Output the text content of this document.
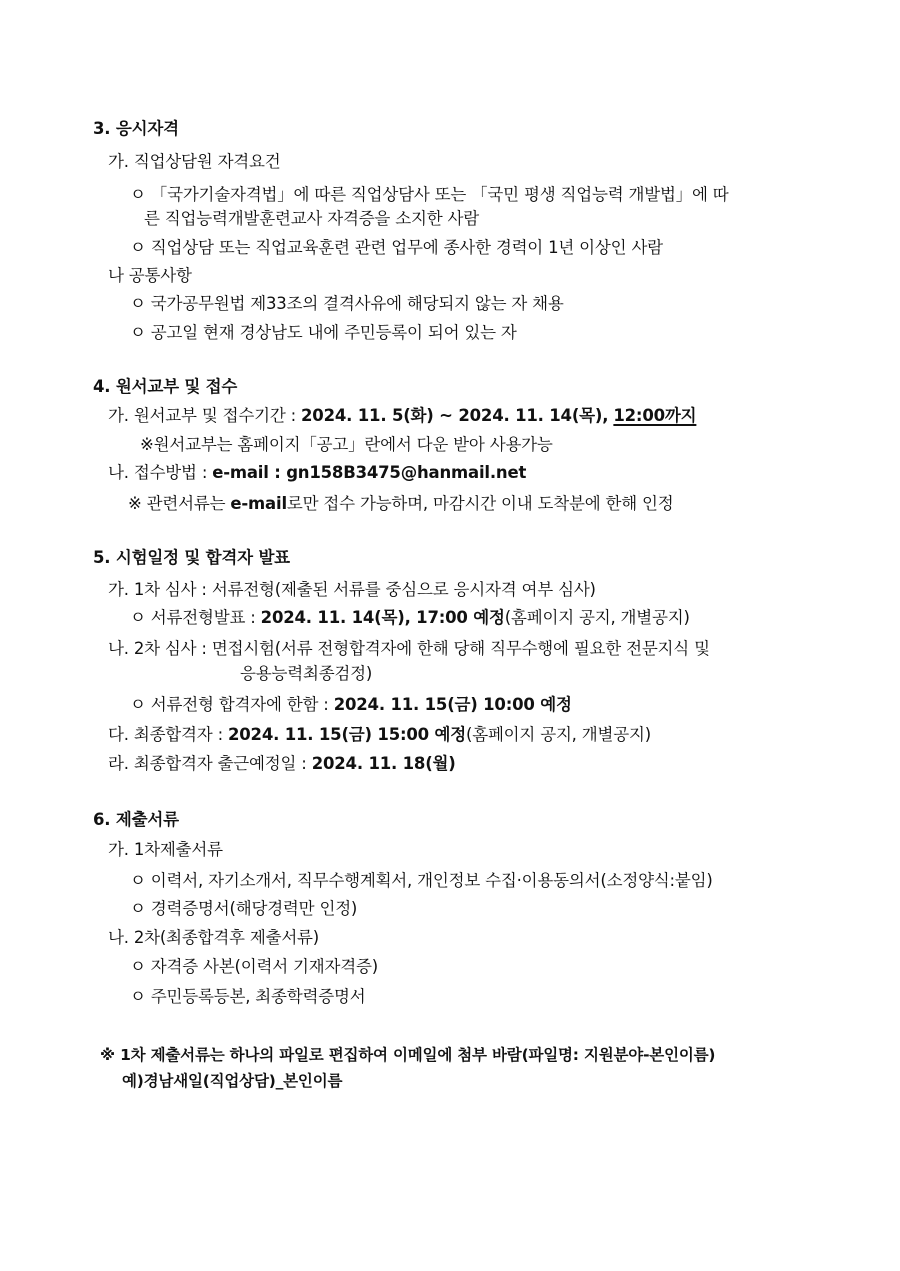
3. 응시자격
가. 직업상담원 자격요건
ㅇ 「국가기술자격법」에 따른 직업상담사 또는 「국민 평생 직업능력 개발법」에 따
른 직업능력개발훈련교사 자격증을 소지한 사람
ㅇ 직업상담 또는 직업교육훈련 관련 업무에 종사한 경력이 1년 이상인 사람
나 공통사항
ㅇ 국가공무원법 제33조의 결격사유에 해당되지 않는 자 채용
ㅇ 공고일 현재 경상남도 내에 주민등록이 되어 있는 자
4. 원서교부 및 접수
가. 원서교부 및 접수기간 : 2024. 11. 5(화) ~ 2024. 11. 14(목), 12:00까지
※원서교부는 홈페이지「공고」란에서 다운 받아 사용가능
나. 접수방법 : e-mail : gn158B3475@hanmail.net
※ 관련서류는 e-mail로만 접수 가능하며, 마감시간 이내 도착분에 한해 인정
5. 시험일정 및 합격자 발표
가. 1차 심사 : 서류전형(제출된 서류를 중심으로 응시자격 여부 심사)
ㅇ 서류전형발표 : 2024. 11. 14(목), 17:00 예정(홈페이지 공지, 개별공지)
나. 2차 심사 : 면접시험(서류 전형합격자에 한해 당해 직무수행에 필요한 전문지식 및
응용능력최종검정)
ㅇ 서류전형 합격자에 한함 : 2024. 11. 15(금) 10:00 예정
다. 최종합격자 : 2024. 11. 15(금) 15:00 예정(홈페이지 공지, 개별공지)
라. 최종합격자 출근예정일 : 2024. 11. 18(월)
6. 제출서류
가. 1차제출서류
ㅇ 이력서, 자기소개서, 직무수행계획서, 개인정보 수집·이용동의서(소정양식:붙임)
ㅇ 경력증명서(해당경력만 인정)
나. 2차(최종합격후 제출서류)
ㅇ 자격증 사본(이력서 기재자격증)
ㅇ 주민등록등본, 최종학력증명서
※ 1차 제출서류는 하나의 파일로 편집하여 이메일에 첨부 바람(파일명: 지원분야-본인이름)
예)경남새일(직업상담)_본인이름
